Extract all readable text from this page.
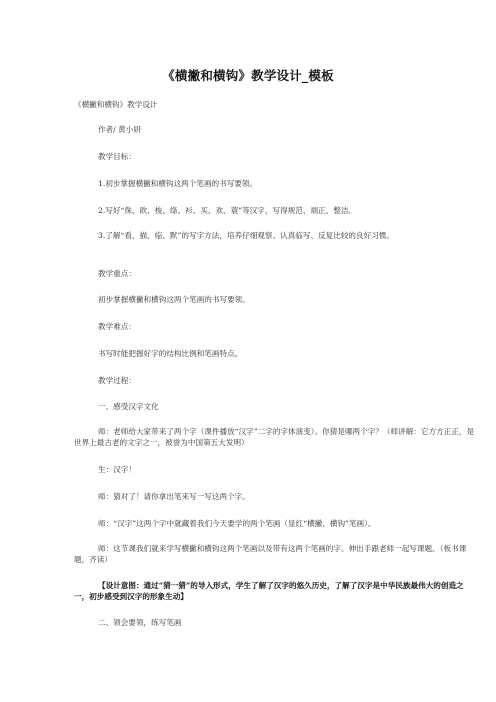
《横撇和横钩》教学设计_模板
《横撇和横钩》教学设计
作者/ 黄小妍
教学目标：
1.初步掌握横撇和横钩这两个笔画的书写要领。
2.写好“侏、欧、梭、绦、衫、买、欢、蓑”等汉字，写得规范、端正、整洁。
3.了解“看、描、临、默”的写字方法，培养仔细观察、认真临写、反复比较的良好习惯。
教学重点：
初步掌握横撇和横钩这两个笔画的书写要领。
教学难点：
书写时能把握好字的结构比例和笔画特点。
教学过程：
一、感受汉字文化
师：老师给大家带来了两个字（课件播放“汉字”二字的字体演变）。你猜是哪两个字？（师讲解：它方方正正，是世界上最古老的文字之一，被誉为中国第五大发明）
生：汉字！
师：猜对了！请你拿出笔来写一写这两个字。
师：“汉字”这两个字中就藏着我们今天要学的两个笔画（显红“横撇、横钩”笔画）。
师：这节课我们就来学写横撇和横钩这两个笔画以及带有这两个笔画的字。伸出手跟老师一起写课题。（板书课题，齐读）
【设计意图：通过“猜一猜”的导入形式，学生了解了汉字的悠久历史，了解了汉字是中华民族最伟大的创造之一，初步感受到汉字的形象生动】
二、领会要领，练写笔画
